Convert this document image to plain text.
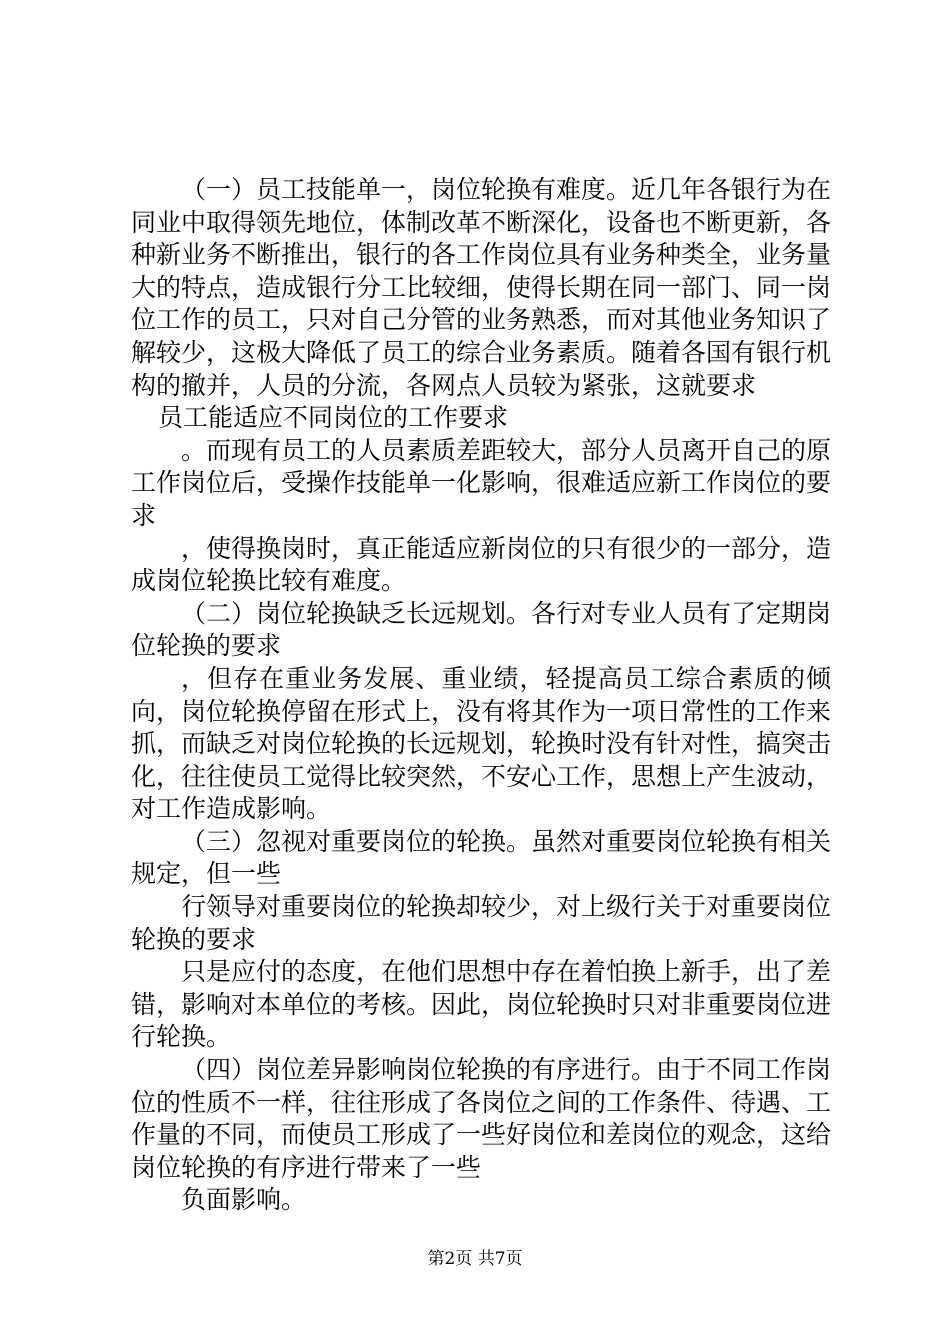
（一）员工技能单一，岗位轮换有难度。近几年各银行为在同业中取得领先地位，体制改革不断深化，设备也不断更新，各种新业务不断推出，银行的各工作岗位具有业务种类全，业务量大的特点，造成银行分工比较细，使得长期在同一部门、同一岗位工作的员工，只对自己分管的业务熟悉，而对其他业务知识了解较少，这极大降低了员工的综合业务素质。随着各国有银行机构的撤并，人员的分流，各网点人员较为紧张，这就要求

员工能适应不同岗位的工作要求

。而现有员工的人员素质差距较大，部分人员离开自己的原工作岗位后，受操作技能单一化影响，很难适应新工作岗位的要求

，使得换岗时，真正能适应新岗位的只有很少的一部分，造成岗位轮换比较有难度。

（二）岗位轮换缺乏长远规划。各行对专业人员有了定期岗位轮换的要求

，但存在重业务发展、重业绩，轻提高员工综合素质的倾向，岗位轮换停留在形式上，没有将其作为一项日常性的工作来抓，而缺乏对岗位轮换的长远规划，轮换时没有针对性，搞突击化，往往使员工觉得比较突然，不安心工作，思想上产生波动，对工作造成影响。

（三）忽视对重要岗位的轮换。虽然对重要岗位轮换有相关规定，但一些

行领导对重要岗位的轮换却较少，对上级行关于对重要岗位轮换的要求

只是应付的态度，在他们思想中存在着怕换上新手，出了差错，影响对本单位的考核。因此，岗位轮换时只对非重要岗位进行轮换。

（四）岗位差异影响岗位轮换的有序进行。由于不同工作岗位的性质不一样，往往形成了各岗位之间的工作条件、待遇、工作量的不同，而使员工形成了一些好岗位和差岗位的观念，这给岗位轮换的有序进行带来了一些

负面影响。

第2页 共7页
